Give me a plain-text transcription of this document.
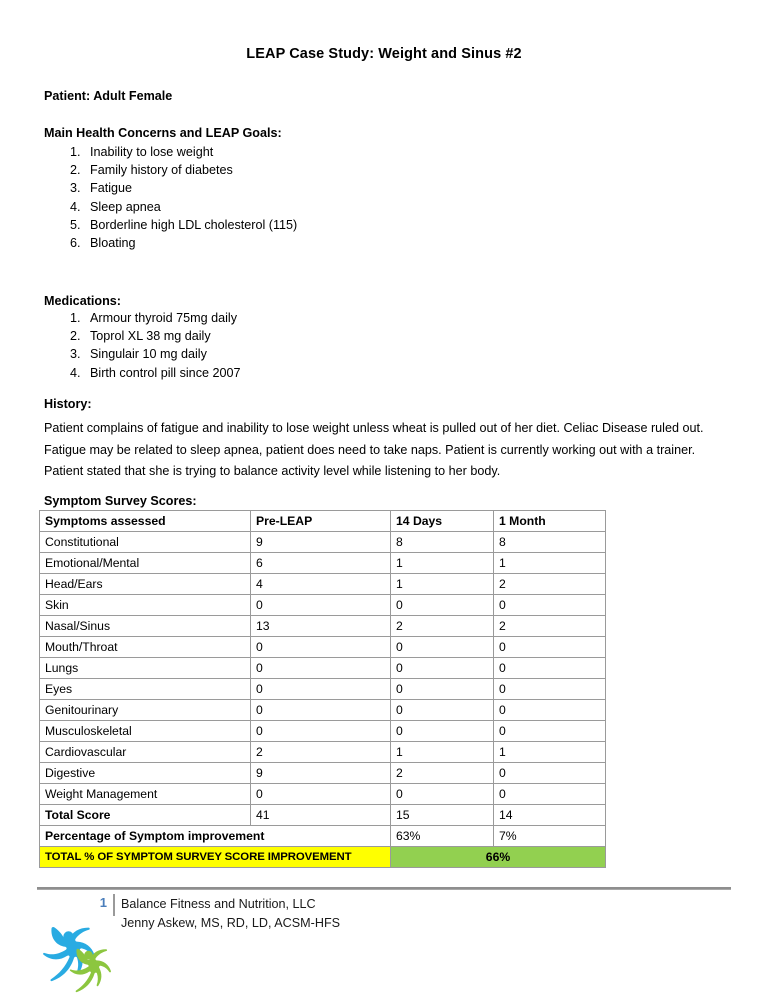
LEAP Case Study: Weight and Sinus #2
Patient: Adult Female
Main Health Concerns and LEAP Goals:
1. Inability to lose weight
2. Family history of diabetes
3. Fatigue
4. Sleep apnea
5. Borderline high LDL cholesterol (115)
6. Bloating
Medications:
1. Armour thyroid 75mg daily
2. Toprol XL 38 mg daily
3. Singulair 10 mg daily
4. Birth control pill since 2007
History:
Patient complains of fatigue and inability to lose weight unless wheat is pulled out of her diet. Celiac Disease ruled out. Fatigue may be related to sleep apnea, patient does need to take naps. Patient is currently working out with a trainer. Patient stated that she is trying to balance activity level while listening to her body.
Symptom Survey Scores:
Symptoms assessed	Pre-LEAP	14 Days	1 Month
Constitutional	9	8	8
Emotional/Mental	6	1	1
Head/Ears	4	1	2
Skin	0	0	0
Nasal/Sinus	13	2	2
Mouth/Throat	0	0	0
Lungs	0	0	0
Eyes	0	0	0
Genitourinary	0	0	0
Musculoskeletal	0	0	0
Cardiovascular	2	1	1
Digestive	9	2	0
Weight Management	0	0	0
Total Score	41	15	14
Percentage of Symptom improvement		63%	7%
TOTAL % OF SYMPTOM SURVEY SCORE IMPROVEMENT		66%	
1 Balance Fitness and Nutrition, LLC
Jenny Askew, MS, RD, LD, ACSM-HFS
